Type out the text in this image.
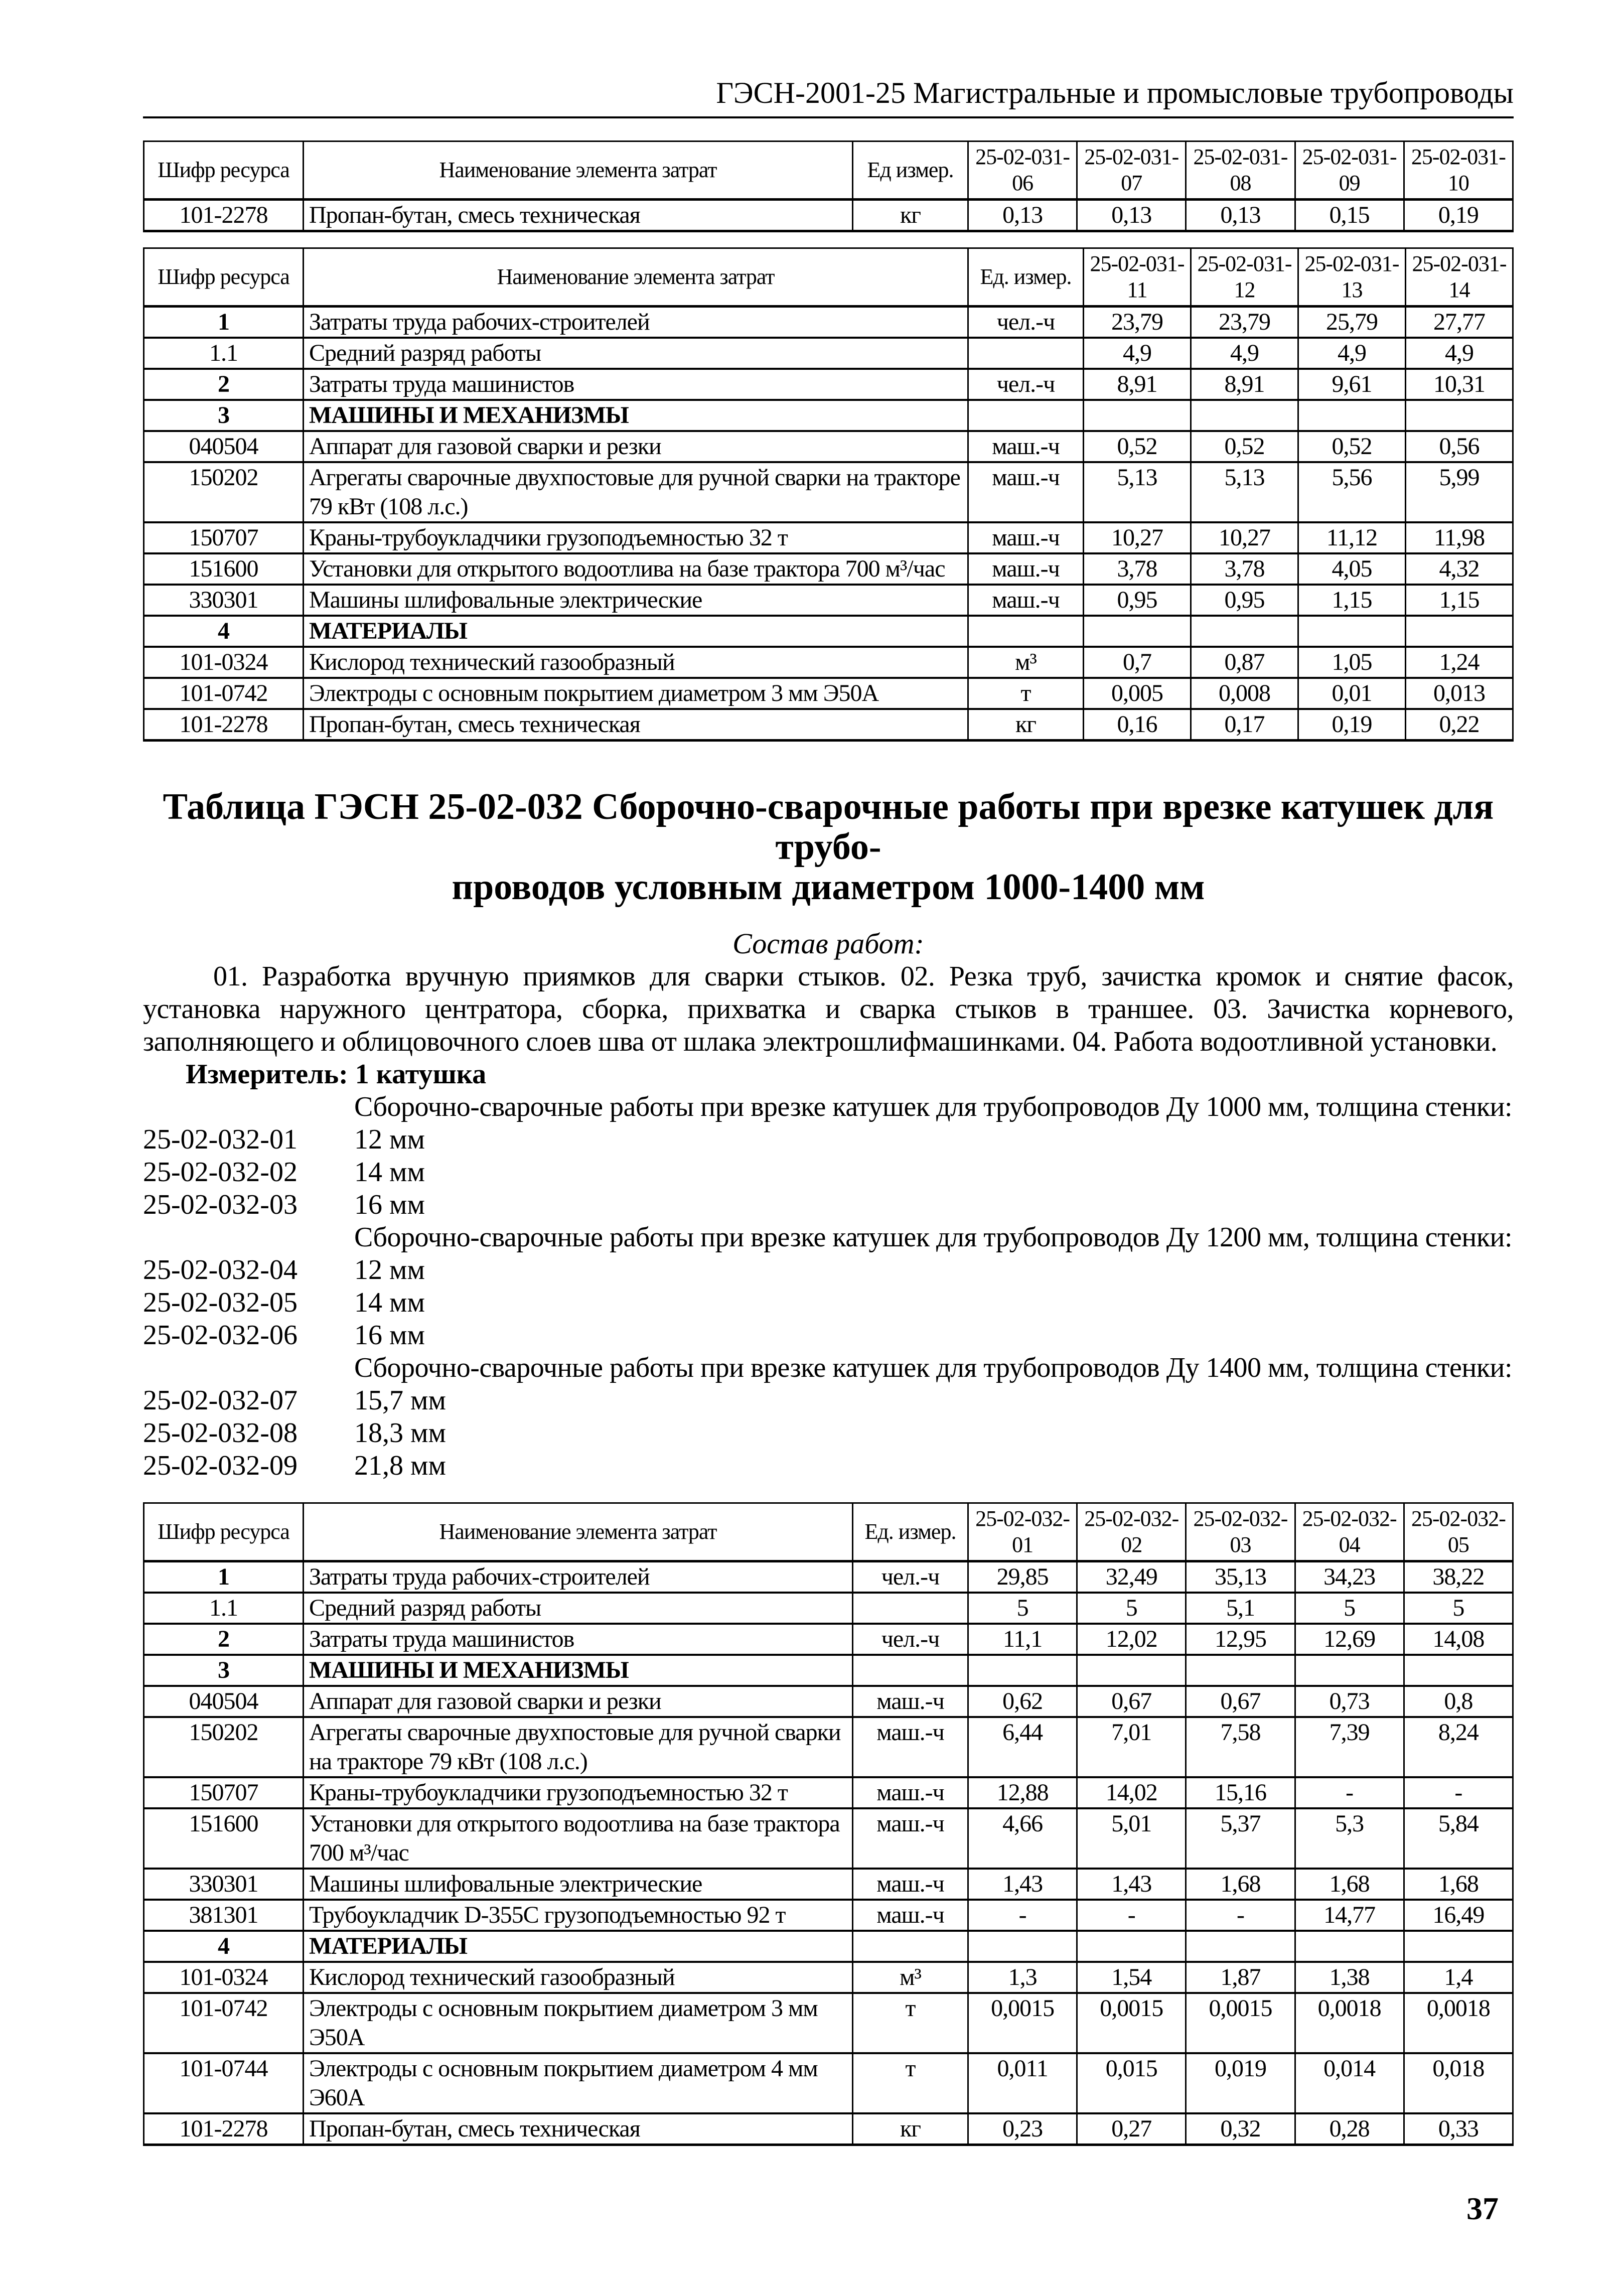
ГЭСН-2001-25 Магистральные и промысловые трубопроводы
Шифр ресурса	Наименование элемента затрат	Ед измер.	25-02-031-06	25-02-031-07	25-02-031-08	25-02-031-09	25-02-031-10
101-2278	Пропан-бутан, смесь техническая	кг	0,13	0,13	0,13	0,15	0,19
Шифр ресурса	Наименование элемента затрат	Ед. измер.	25-02-031-11	25-02-031-12	25-02-031-13	25-02-031-14
1	Затраты труда рабочих-строителей	чел.-ч	23,79	23,79	25,79	27,77
1.1	Средний разряд работы		4,9	4,9	4,9	4,9
2	Затраты труда машинистов	чел.-ч	8,91	8,91	9,61	10,31
3	МАШИНЫ И МЕХАНИЗМЫ					
040504	Аппарат для газовой сварки и резки	маш.-ч	0,52	0,52	0,52	0,56
150202	Агрегаты сварочные двухпостовые для ручной сварки на тракторе 79 кВт (108 л.с.)	маш.-ч	5,13	5,13	5,56	5,99
150707	Краны-трубоукладчики грузоподъемностью 32 т	маш.-ч	10,27	10,27	11,12	11,98
151600	Установки для открытого водоотлива на базе трактора 700 м³/час	маш.-ч	3,78	3,78	4,05	4,32
330301	Машины шлифовальные электрические	маш.-ч	0,95	0,95	1,15	1,15
4	МАТЕРИАЛЫ					
101-0324	Кислород технический газообразный	м³	0,7	0,87	1,05	1,24
101-0742	Электроды с основным покрытием диаметром 3 мм Э50А	т	0,005	0,008	0,01	0,013
101-2278	Пропан-бутан, смесь техническая	кг	0,16	0,17	0,19	0,22
Таблица ГЭСН 25-02-032 Сборочно-сварочные работы при врезке катушек для трубо-
проводов условным диаметром 1000-1400 мм
Состав работ:
01. Разработка вручную приямков для сварки стыков. 02. Резка труб, зачистка кромок и снятие фасок, установка наружного центратора, сборка, прихватка и сварка стыков в траншее. 03. Зачистка корневого, заполняющего и облицовочного слоев шва от шлака электрошлифмашинками. 04. Работа водоотливной установки.
Измеритель: 1 катушка
Сборочно-сварочные работы при врезке катушек для трубопроводов Ду 1000 мм, толщина стенки:
25-02-032-01	12 мм
25-02-032-02	14 мм
25-02-032-03	16 мм
Сборочно-сварочные работы при врезке катушек для трубопроводов Ду 1200 мм, толщина стенки:
25-02-032-04	12 мм
25-02-032-05	14 мм
25-02-032-06	16 мм
Сборочно-сварочные работы при врезке катушек для трубопроводов Ду 1400 мм, толщина стенки:
25-02-032-07	15,7 мм
25-02-032-08	18,3 мм
25-02-032-09	21,8 мм
Шифр ресурса	Наименование элемента затрат	Ед. измер.	25-02-032-01	25-02-032-02	25-02-032-03	25-02-032-04	25-02-032-05
1	Затраты труда рабочих-строителей	чел.-ч	29,85	32,49	35,13	34,23	38,22
1.1	Средний разряд работы		5	5	5,1	5	5
2	Затраты труда машинистов	чел.-ч	11,1	12,02	12,95	12,69	14,08
3	МАШИНЫ И МЕХАНИЗМЫ						
040504	Аппарат для газовой сварки и резки	маш.-ч	0,62	0,67	0,67	0,73	0,8
150202	Агрегаты сварочные двухпостовые для ручной сварки на тракторе 79 кВт (108 л.с.)	маш.-ч	6,44	7,01	7,58	7,39	8,24
150707	Краны-трубоукладчики грузоподъемностью 32 т	маш.-ч	12,88	14,02	15,16	-	-
151600	Установки для открытого водоотлива на базе трактора 700 м³/час	маш.-ч	4,66	5,01	5,37	5,3	5,84
330301	Машины шлифовальные электрические	маш.-ч	1,43	1,43	1,68	1,68	1,68
381301	Трубоукладчик D-355C грузоподъемностью 92 т	маш.-ч	-	-	-	14,77	16,49
4	МАТЕРИАЛЫ						
101-0324	Кислород технический газообразный	м³	1,3	1,54	1,87	1,38	1,4
101-0742	Электроды с основным покрытием диаметром 3 мм Э50А	т	0,0015	0,0015	0,0015	0,0018	0,0018
101-0744	Электроды с основным покрытием диаметром 4 мм Э60А	т	0,011	0,015	0,019	0,014	0,018
101-2278	Пропан-бутан, смесь техническая	кг	0,23	0,27	0,32	0,28	0,33
37
